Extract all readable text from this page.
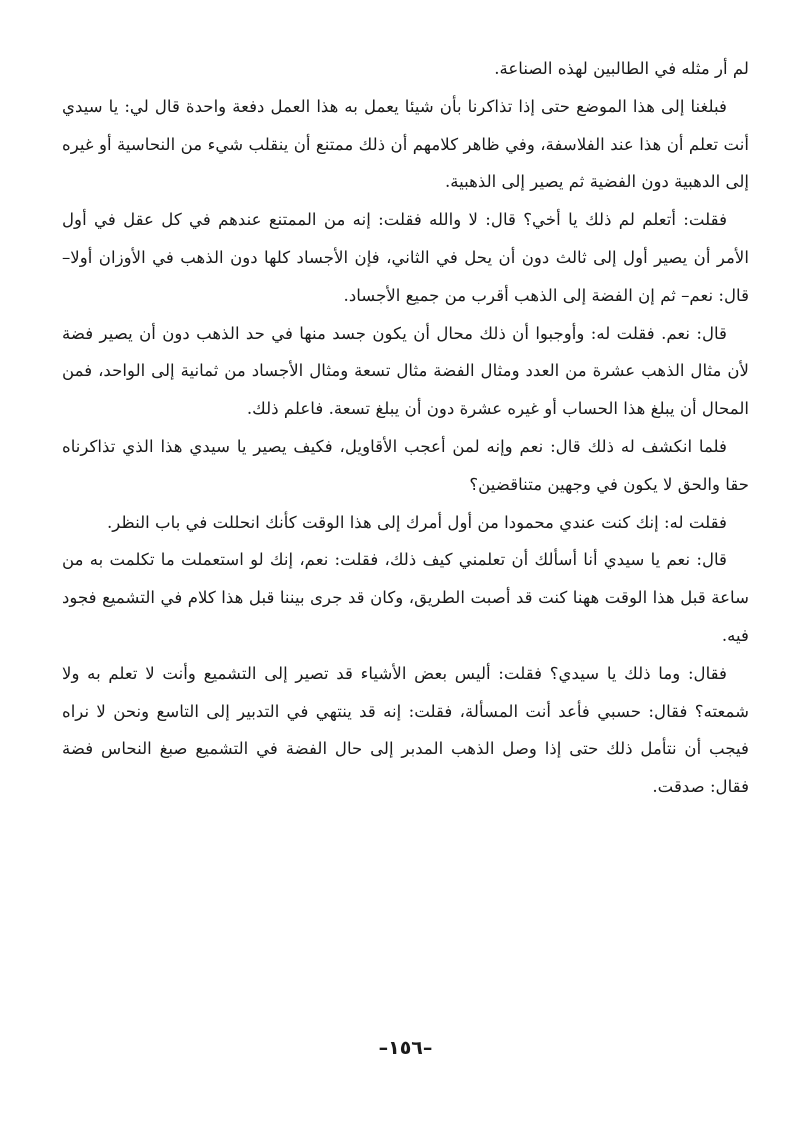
لم أر مثله في الطالبين لهذه الصناعة.

فبلغنا إلى هذا الموضع حتى إذا تذاكرنا بأن شيئا يعمل به هذا العمل دفعة واحدة قال لي: يا سيدي أنت تعلم أن هذا عند الفلاسفة، وفي ظاهر كلامهم أن ذلك ممتنع أن ينقلب شيء من النحاسية أو غيره إلى الدهبية دون الفضية ثم يصير إلى الذهبية.

فقلت: أتعلم لم ذلك يا أخي؟ قال: لا والله فقلت: إنه من الممتنع عندهم في كل عقل في أول الأمر أن يصير أول إلى ثالث دون أن يحل في الثاني، فإن الأجساد كلها دون الذهب في الأوزان أولا–قال: نعم– ثم إن الفضة إلى الذهب أقرب من جميع الأجساد.

قال: نعم. فقلت له: وأوجبوا أن ذلك محال أن يكون جسد منها في حد الذهب دون أن يصير فضة لأن مثال الذهب عشرة من العدد ومثال الفضة مثال تسعة ومثال الأجساد من ثمانية إلى الواحد، فمن المحال أن يبلغ هذا الحساب أو غيره عشرة دون أن يبلغ تسعة. فاعلم ذلك.

فلما انكشف له ذلك قال: نعم وإنه لمن أعجب الأقاويل، فكيف يصير يا سيدي هذا الذي تذاكرناه حقا والحق لا يكون في وجهين متناقضين؟

فقلت له: إنك كنت عندي محمودا من أول أمرك إلى هذا الوقت كأنك انحللت في باب النظر.

قال: نعم يا سيدي أنا أسألك أن تعلمني كيف ذلك، فقلت: نعم، إنك لو استعملت ما تكلمت به من ساعة قبل هذا الوقت ههنا كنت قد أصبت الطريق، وكان قد جرى بيننا قبل هذا كلام في التشميع فجود فيه.

فقال: وما ذلك يا سيدي؟ فقلت: أليس بعض الأشياء قد تصير إلى التشميع وأنت لا تعلم به ولا شمعته؟ فقال: حسبي فأعد أنت المسألة، فقلت: إنه قد ينتهي في التدبير إلى التاسع ونحن لا نراه فيجب أن نتأمل ذلك حتى إذا وصل الذهب المدبر إلى حال الفضة في التشميع صبغ النحاس فضة فقال: صدقت.

–١٥٦–
